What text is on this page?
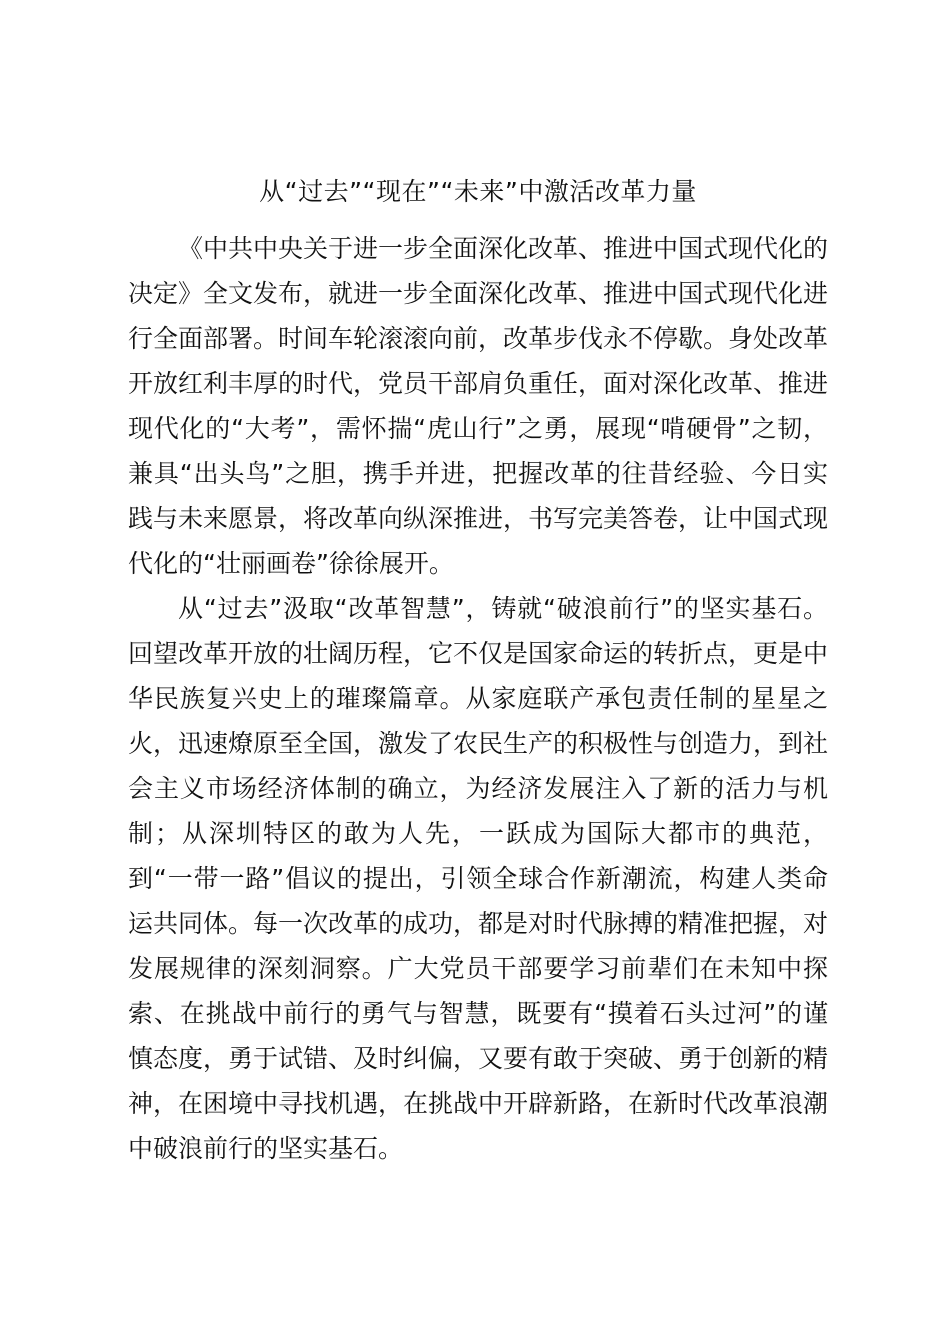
从“过去”“现在”“未来”中激活改革力量

《中共中央关于进一步全面深化改革、推进中国式现代化的决定》全文发布，就进一步全面深化改革、推进中国式现代化进行全面部署。时间车轮滚滚向前，改革步伐永不停歇。身处改革开放红利丰厚的时代，党员干部肩负重任，面对深化改革、推进现代化的“大考”，需怀揣“虎山行”之勇，展现“啃硬骨”之韧，兼具“出头鸟”之胆，携手并进，把握改革的往昔经验、今日实践与未来愿景，将改革向纵深推进，书写完美答卷，让中国式现代化的“壮丽画卷”徐徐展开。

从“过去”汲取“改革智慧”，铸就“破浪前行”的坚实基石。回望改革开放的壮阔历程，它不仅是国家命运的转折点，更是中华民族复兴史上的璀璨篇章。从家庭联产承包责任制的星星之火，迅速燎原至全国，激发了农民生产的积极性与创造力，到社会主义市场经济体制的确立，为经济发展注入了新的活力与机制；从深圳特区的敢为人先，一跃成为国际大都市的典范，到“一带一路”倡议的提出，引领全球合作新潮流，构建人类命运共同体。每一次改革的成功，都是对时代脉搏的精准把握，对发展规律的深刻洞察。广大党员干部要学习前辈们在未知中探索、在挑战中前行的勇气与智慧，既要有“摸着石头过河”的谨慎态度，勇于试错、及时纠偏，又要有敢于突破、勇于创新的精神，在困境中寻找机遇，在挑战中开辟新路，在新时代改革浪潮中破浪前行的坚实基石。
